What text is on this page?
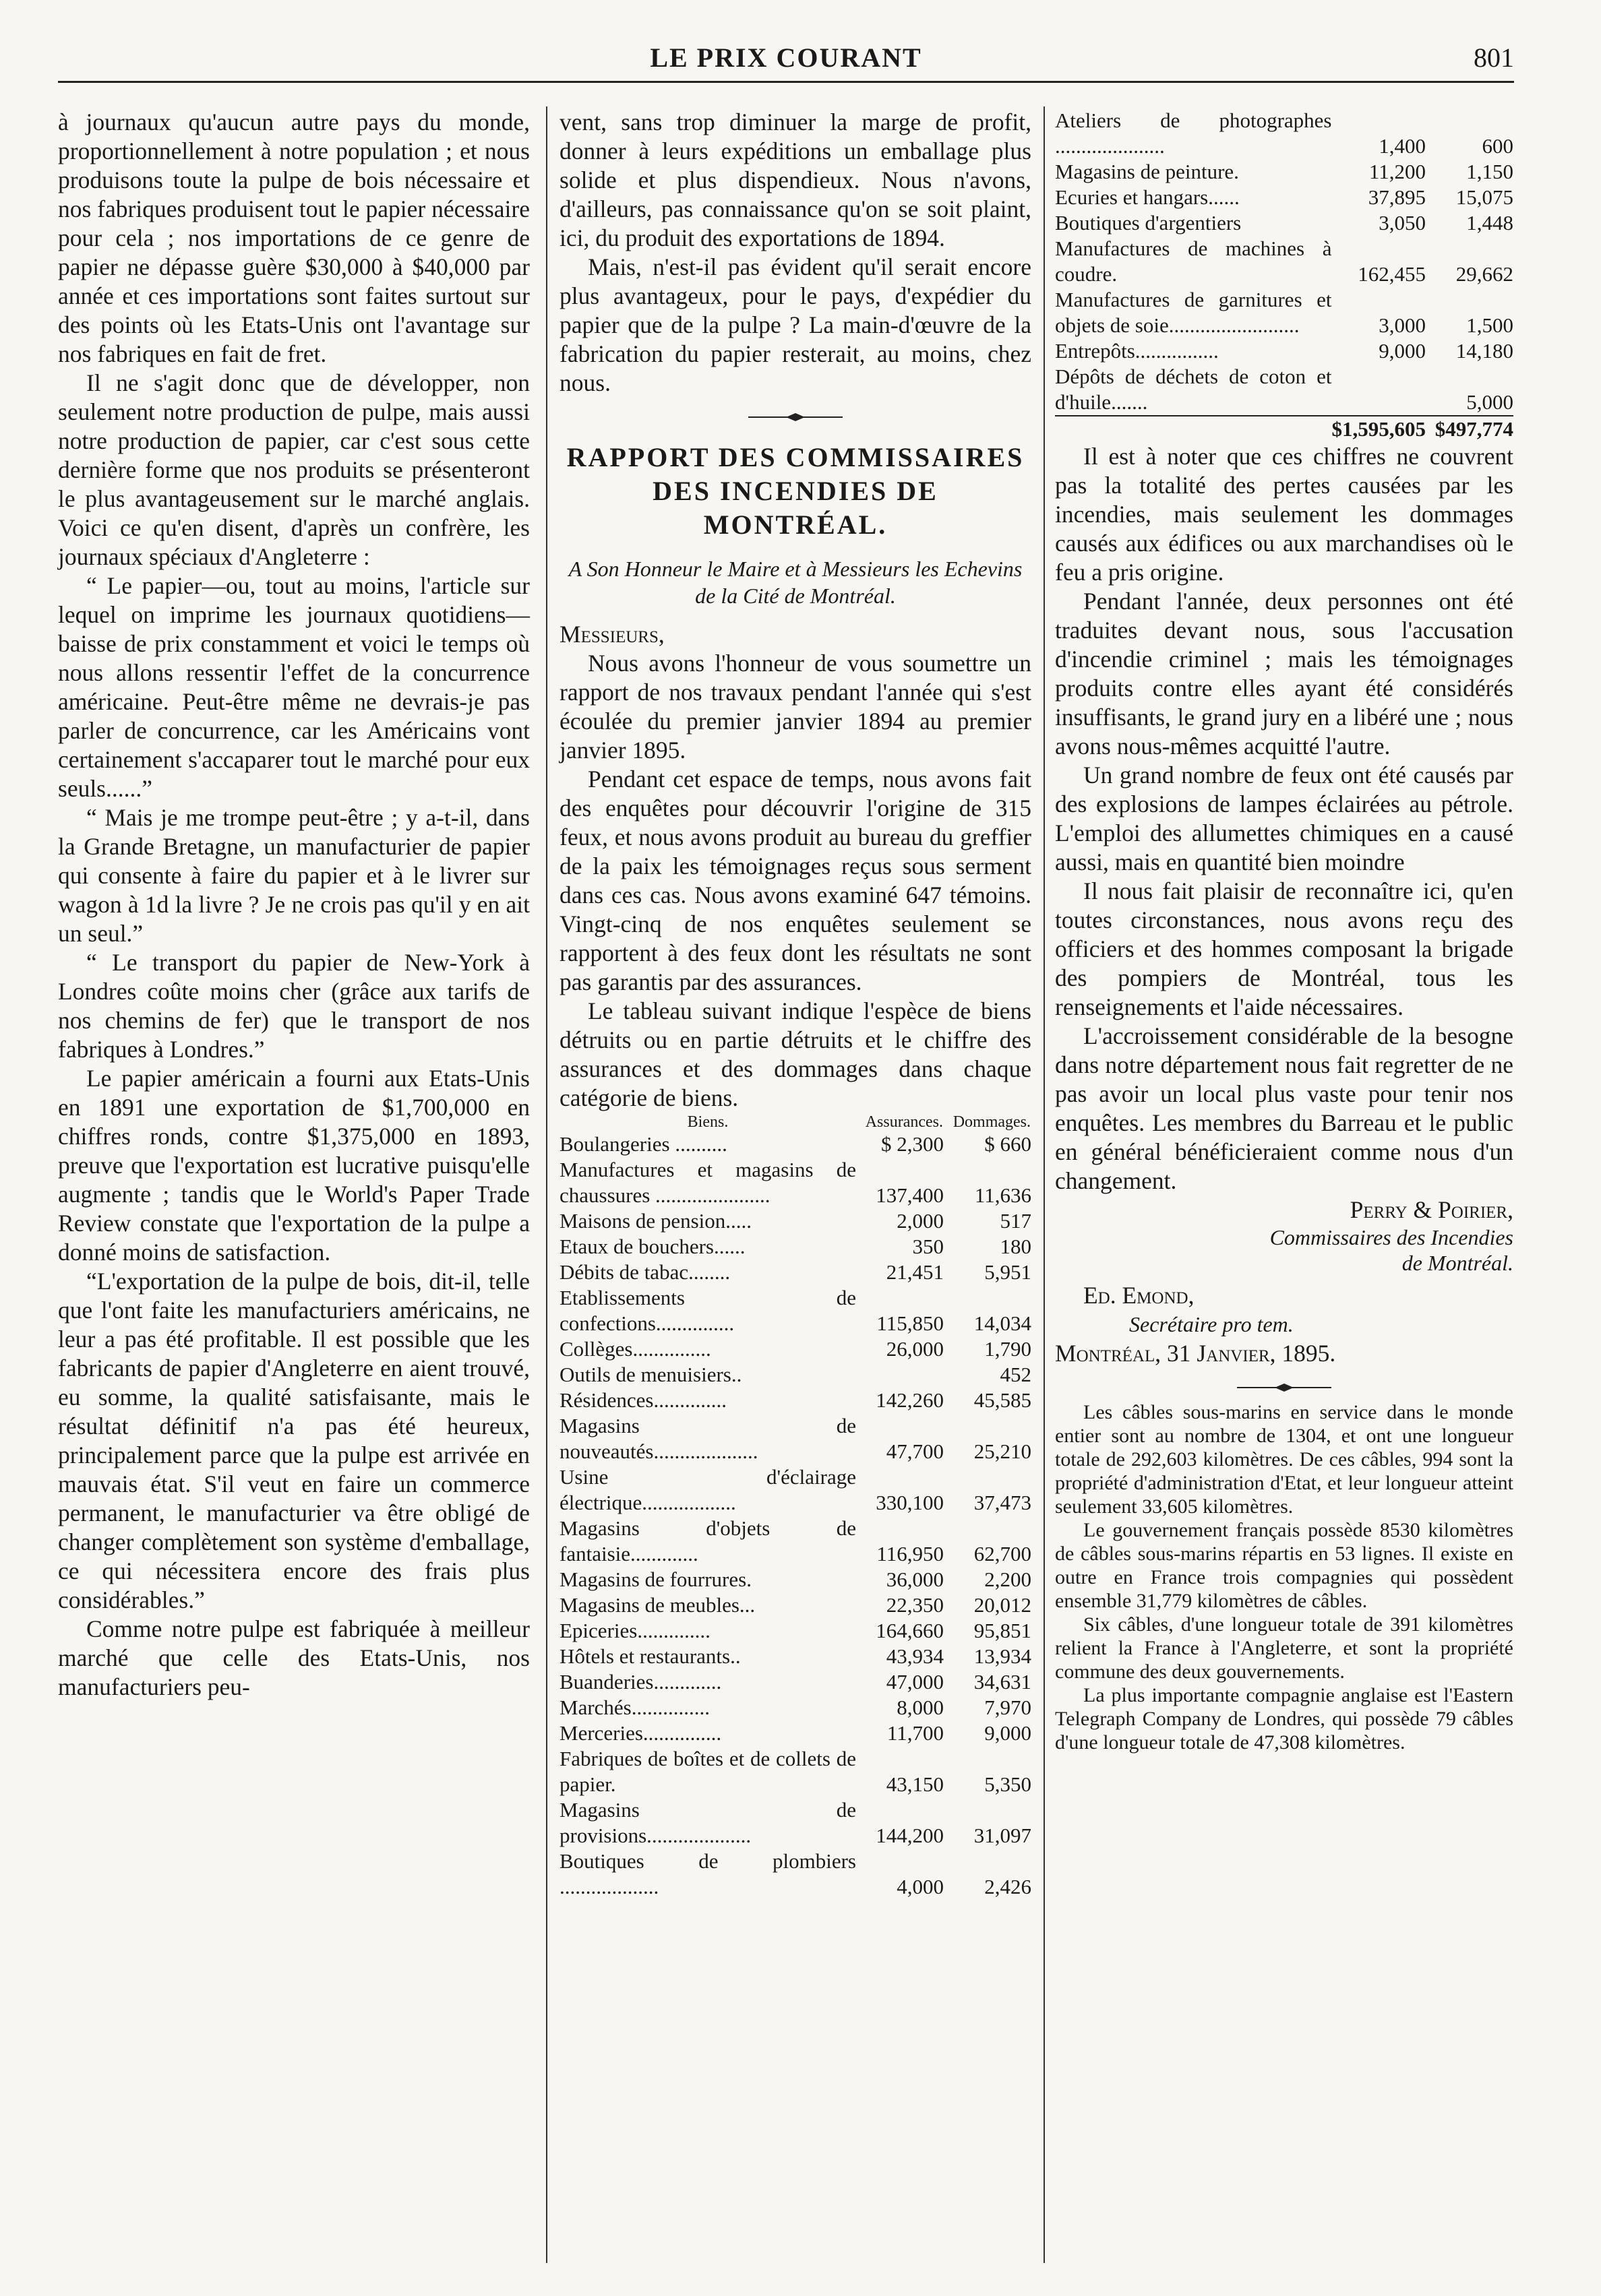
LE PRIX COURANT	801

à journaux qu'aucun autre pays du monde, proportionnellement à notre population ; et nous produisons toute la pulpe de bois nécessaire et nos fabriques produisent tout le papier nécessaire pour cela ; nos importations de ce genre de papier ne dépasse guère $30,000 à $40,000 par année et ces importations sont faites surtout sur des points où les Etats-Unis ont l'avantage sur nos fabriques en fait de fret.

Il ne s'agit donc que de développer, non seulement notre production de pulpe, mais aussi notre production de papier, car c'est sous cette dernière forme que nos produits se présenteront le plus avantageusement sur le marché anglais. Voici ce qu'en disent, d'après un confrère, les journaux spéciaux d'Angleterre :

“ Le papier—ou, tout au moins, l'article sur lequel on imprime les journaux quotidiens—baisse de prix constamment et voici le temps où nous allons ressentir l'effet de la concurrence américaine. Peut-être même ne devrais-je pas parler de concurrence, car les Américains vont certainement s'accaparer tout le marché pour eux seuls......”

“ Mais je me trompe peut-être ; y a-t-il, dans la Grande Bretagne, un manufacturier de papier qui consente à faire du papier et à le livrer sur wagon à 1d la livre ? Je ne crois pas qu'il y en ait un seul.”

“ Le transport du papier de New-York à Londres coûte moins cher (grâce aux tarifs de nos chemins de fer) que le transport de nos fabriques à Londres.”

Le papier américain a fourni aux Etats-Unis en 1891 une exportation de $1,700,000 en chiffres ronds, contre $1,375,000 en 1893, preuve que l'exportation est lucrative puisqu'elle augmente ; tandis que le World's Paper Trade Review constate que l'exportation de la pulpe a donné moins de satisfaction.

“L'exportation de la pulpe de bois, dit-il, telle que l'ont faite les manufacturiers américains, ne leur a pas été profitable. Il est possible que les fabricants de papier d'Angleterre en aient trouvé, eu somme, la qualité satisfaisante, mais le résultat définitif n'a pas été heureux, principalement parce que la pulpe est arrivée en mauvais état. S'il veut en faire un commerce permanent, le manufacturier va être obligé de changer complètement son système d'emballage, ce qui nécessitera encore des frais plus considérables.”

Comme notre pulpe est fabriquée à meilleur marché que celle des Etats-Unis, nos manufacturiers peu-

vent, sans trop diminuer la marge de profit, donner à leurs expéditions un emballage plus solide et plus dispendieux. Nous n'avons, d'ailleurs, pas connaissance qu'on se soit plaint, ici, du produit des exportations de 1894.

Mais, n'est-il pas évident qu'il serait encore plus avantageux, pour le pays, d'expédier du papier que de la pulpe ? La main-d'œuvre de la fabrication du papier resterait, au moins, chez nous.

RAPPORT DES COMMISSAIRES
DES INCENDIES DE
MONTRÉAL.
A Son Honneur le Maire et à Messieurs les Echevins de la Cité de Montréal.

Messieurs,

Nous avons l'honneur de vous soumettre un rapport de nos travaux pendant l'année qui s'est écoulée du premier janvier 1894 au premier janvier 1895.

Pendant cet espace de temps, nous avons fait des enquêtes pour découvrir l'origine de 315 feux, et nous avons produit au bureau du greffier de la paix les témoignages reçus sous serment dans ces cas. Nous avons examiné 647 témoins. Vingt-cinq de nos enquêtes seulement se rapportent à des feux dont les résultats ne sont pas garantis par des assurances.

Le tableau suivant indique l'espèce de biens détruits ou en partie détruits et le chiffre des assurances et des dommages dans chaque catégorie de biens.

Biens.	Assurances.	Dommages.
Boulangeries ..........	$ 2,300	$ 660
Manufactures et magasins de chaussures ......................	137,400	11,636
Maisons de pension.....	2,000	517
Etaux de bouchers......	350	180
Débits de tabac........	21,451	5,951
Etablissements de confections...............	115,850	14,034
Collèges...............	26,000	1,790
Outils de menuisiers..		452
Résidences..............	142,260	45,585
Magasins de nouveautés....................	47,700	25,210
Usine d'éclairage électrique..................	330,100	37,473
Magasins d'objets de fantaisie.............	116,950	62,700
Magasins de fourrures.	36,000	2,200
Magasins de meubles...	22,350	20,012
Epiceries..............	164,660	95,851
Hôtels et restaurants..	43,934	13,934
Buanderies.............	47,000	34,631
Marchés...............	8,000	7,970
Merceries...............	11,700	9,000
Fabriques de boîtes et de collets de papier.	43,150	5,350
Magasins de provisions....................	144,200	31,097
Boutiques de plombiers ...................	4,000	2,426
Ateliers de photographes .....................	1,400	600
Magasins de peinture.	11,200	1,150
Ecuries et hangars......	37,895	15,075
Boutiques d'argentiers	3,050	1,448
Manufactures de machines à coudre.	162,455	29,662
Manufactures de garnitures et objets de soie.........................	3,000	1,500
Entrepôts................	9,000	14,180
Dépôts de déchets de coton et d'huile.......		5,000
	$1,595,605	$497,774

Il est à noter que ces chiffres ne couvrent pas la totalité des pertes causées par les incendies, mais seulement les dommages causés aux édifices ou aux marchandises où le feu a pris origine.

Pendant l'année, deux personnes ont été traduites devant nous, sous l'accusation d'incendie criminel ; mais les témoignages produits contre elles ayant été considérés insuffisants, le grand jury en a libéré une ; nous avons nous-mêmes acquitté l'autre.

Un grand nombre de feux ont été causés par des explosions de lampes éclairées au pétrole. L'emploi des allumettes chimiques en a causé aussi, mais en quantité bien moindre

Il nous fait plaisir de reconnaître ici, qu'en toutes circonstances, nous avons reçu des officiers et des hommes composant la brigade des pompiers de Montréal, tous les renseignements et l'aide nécessaires.

L'accroissement considérable de la besogne dans notre département nous fait regretter de ne pas avoir un local plus vaste pour tenir nos enquêtes. Les membres du Barreau et le public en général bénéficieraient comme nous d'un changement.

Perry & Poirier,
Commissaires des Incendies
de Montréal.
Ed. Emond,
Secrétaire pro tem.

Montréal, 31 Janvier, 1895.

Les câbles sous-marins en service dans le monde entier sont au nombre de 1304, et ont une longueur totale de 292,603 kilomètres. De ces câbles, 994 sont la propriété d'administration d'Etat, et leur longueur atteint seulement 33,605 kilomètres.

Le gouvernement français possède 8530 kilomètres de câbles sous-marins répartis en 53 lignes. Il existe en outre en France trois compagnies qui possèdent ensemble 31,779 kilomètres de câbles.

Six câbles, d'une longueur totale de 391 kilomètres relient la France à l'Angleterre, et sont la propriété commune des deux gouvernements.

La plus importante compagnie anglaise est l'Eastern Telegraph Company de Londres, qui possède 79 câbles d'une longueur totale de 47,308 kilomètres.
